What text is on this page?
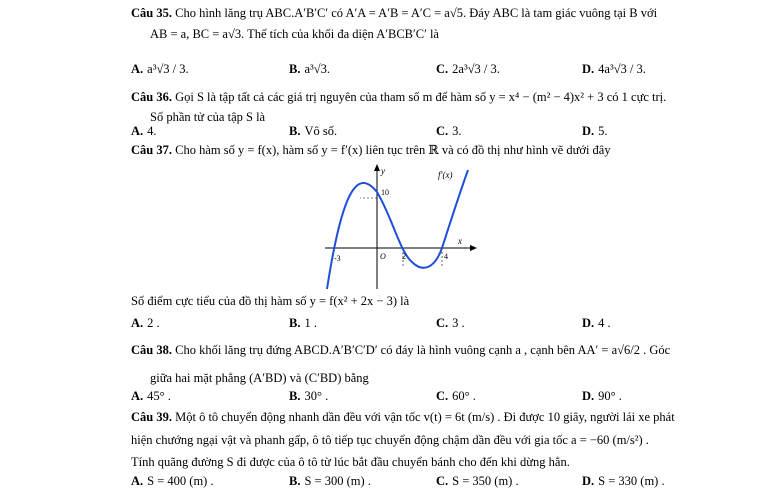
Câu 35. Cho hình lăng trụ ABC.A′B′C′ có A′A = A′B = A′C = a√5. Đáy ABC là tam giác vuông tại B với
AB = a, BC = a√3. Thể tích của khối đa diện A′BCB′C′ là
A. a³√3 / 3.	B. a³√3.	C. 2a³√3 / 3.	D. 4a³√3 / 3.
Câu 36. Gọi S là tập tất cả các giá trị nguyên của tham số m để hàm số y = x⁴ − (m² − 4)x² + 3 có 1 cực trị.
Số phần tử của tập S là
A. 4.	B. Vô số.	C. 3.	D. 5.
Câu 37. Cho hàm số y = f(x), hàm số y = f′(x) liên tục trên ℝ và có đồ thị như hình vẽ dưới đây
y	f′(x)
x
10
-3	O 2	4
Số điểm cực tiểu của đồ thị hàm số y = f(x² + 2x − 3) là
A. 2 .	B. 1 .	C. 3 .	D. 4 .
Câu 38. Cho khối lăng trụ đứng ABCD.A′B′C′D′ có đáy là hình vuông cạnh a , cạnh bên AA′ = a√6/2 . Góc
giữa hai mặt phẳng (A′BD) và (C′BD) bằng
A. 45° .	B. 30° .	C. 60° .	D. 90° .
Câu 39. Một ô tô chuyển động nhanh dần đều với vận tốc v(t) = 6t (m/s) . Đi được 10 giây, người lái xe phát
hiện chướng ngại vật và phanh gấp, ô tô tiếp tục chuyển động chậm dần đều với gia tốc a = −60 (m/s²) .
Tính quãng đường S đi được của ô tô từ lúc bắt đầu chuyển bánh cho đến khi dừng hẳn.
A. S = 400 (m) .	B. S = 300 (m) .	C. S = 350 (m) .	D. S = 330 (m) .
